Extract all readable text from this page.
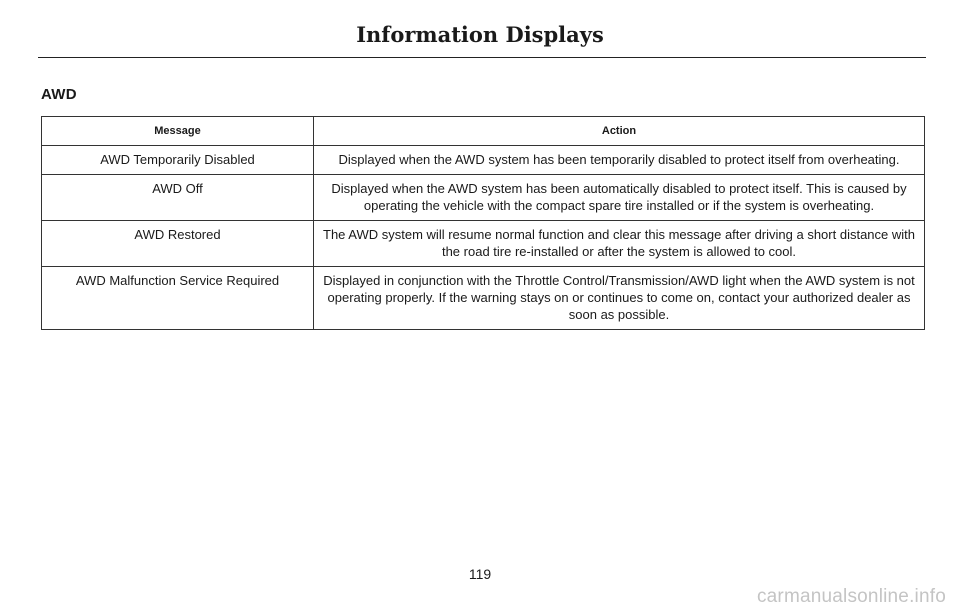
Information Displays
AWD
Message	Action
AWD Temporarily Disabled	Displayed when the AWD system has been temporarily disabled to protect itself from overheating.
AWD Off	Displayed when the AWD system has been automatically disabled to protect itself. This is caused by operating the vehicle with the compact spare tire installed or if the system is overheating.
AWD Restored	The AWD system will resume normal function and clear this message after driving a short distance with the road tire re-installed or after the system is allowed to cool.
AWD Malfunction Service Required	Displayed in conjunction with the Throttle Control/Transmission/AWD light when the AWD system is not operating properly. If the warning stays on or continues to come on, contact your authorized dealer as soon as possible.
119
carmanualsonline.info
